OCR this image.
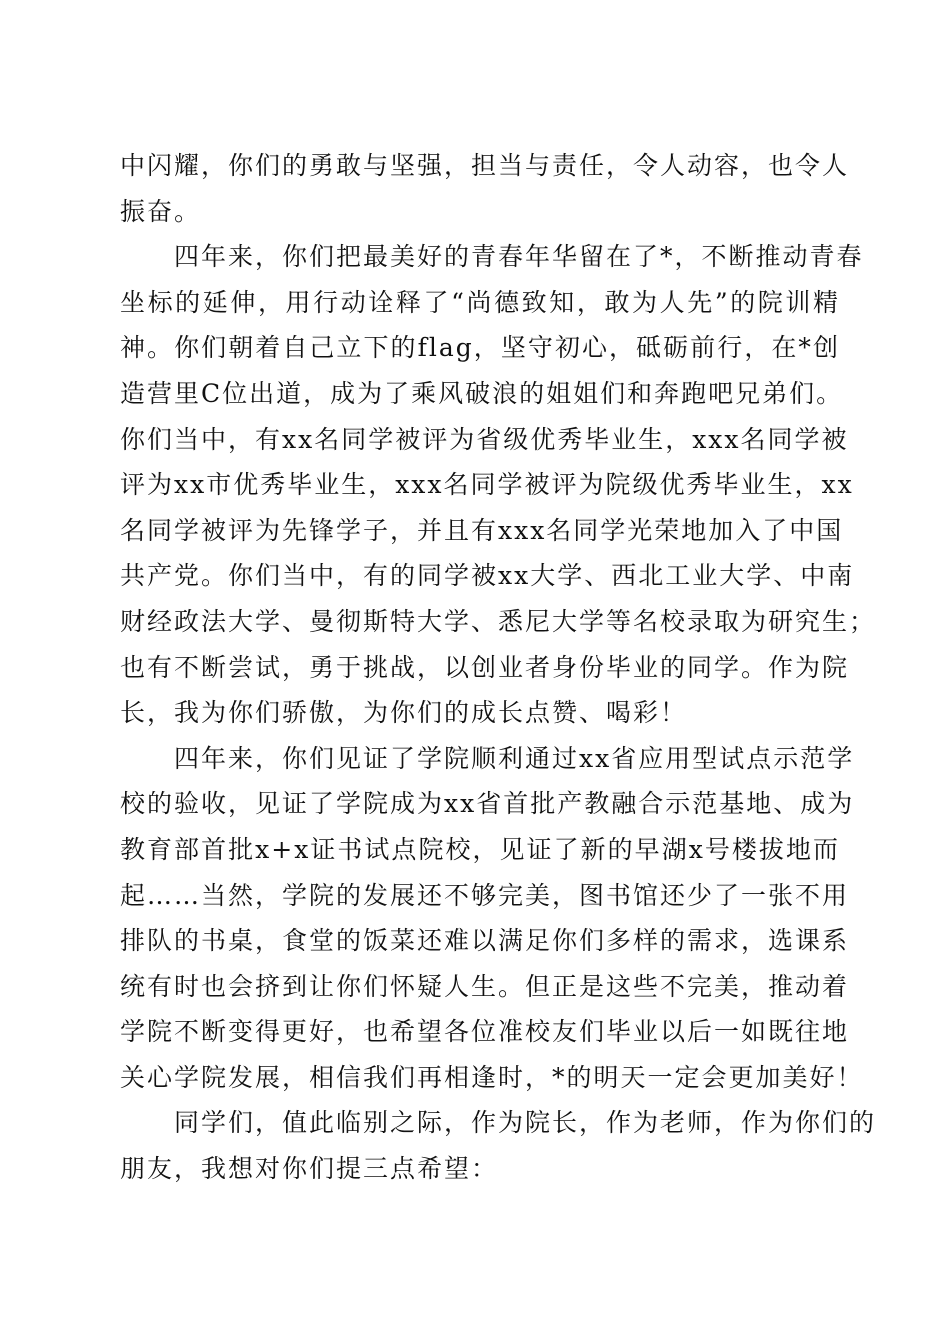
中闪耀，你们的勇敢与坚强，担当与责任，令人动容，也令人
振奋。
　　四年来，你们把最美好的青春年华留在了*，不断推动青春
坐标的延伸，用行动诠释了“尚德致知，敢为人先”的院训精
神。你们朝着自己立下的flag，坚守初心，砥砺前行，在*创
造营里C位出道，成为了乘风破浪的姐姐们和奔跑吧兄弟们。
你们当中，有xx名同学被评为省级优秀毕业生，xxx名同学被
评为xx市优秀毕业生，xxx名同学被评为院级优秀毕业生，xx
名同学被评为先锋学子，并且有xxx名同学光荣地加入了中国
共产党。你们当中，有的同学被xx大学、西北工业大学、中南
财经政法大学、曼彻斯特大学、悉尼大学等名校录取为研究生；
也有不断尝试，勇于挑战，以创业者身份毕业的同学。作为院
长，我为你们骄傲，为你们的成长点赞、喝彩！
　　四年来，你们见证了学院顺利通过xx省应用型试点示范学
校的验收，见证了学院成为xx省首批产教融合示范基地、成为
教育部首批x+x证书试点院校，见证了新的早湖x号楼拔地而
起……当然，学院的发展还不够完美，图书馆还少了一张不用
排队的书桌，食堂的饭菜还难以满足你们多样的需求，选课系
统有时也会挤到让你们怀疑人生。但正是这些不完美，推动着
学院不断变得更好，也希望各位准校友们毕业以后一如既往地
关心学院发展，相信我们再相逢时，*的明天一定会更加美好！
　　同学们，值此临别之际，作为院长，作为老师，作为你们的
朋友，我想对你们提三点希望：
